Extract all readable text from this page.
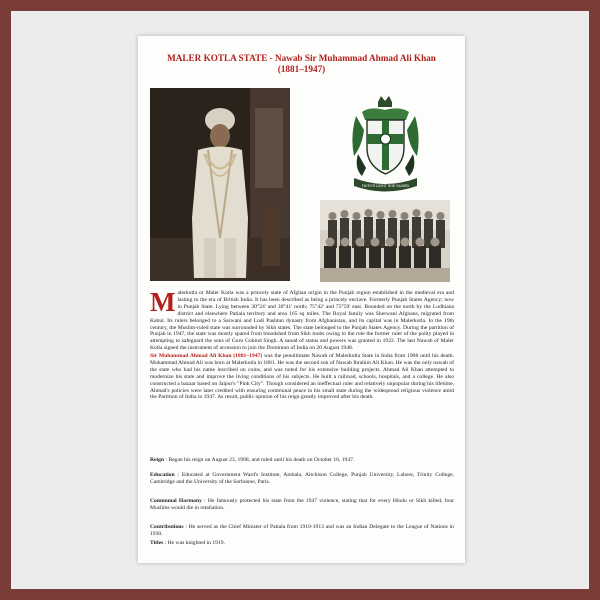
MALER KOTLA STATE - Nawab Sir Muhammad Ahmad Ali Khan
(1881–1947)
FAITH'S LIGHT SHE GUARD
Malerkotla or Maler Kotla was a princely state of Afghan origin in the Punjab region established in the medieval era and lasting to the era of British India. It has been described as being a princely enclave. Formerly Punjab States Agency; now in Punjab State. Lying between 30°24' and 30°41' north; 75°42' and 75°59' east. Bounded on the north by the Ludhiana district and elsewhere Patiala territory and area 165 sq miles. The Royal family was Sherwani Afghans, migrated from Kabul. Its rulers belonged to a Sarwani and Lodi Pashtun dynasty from Afghanistan, and its capital was in Malerkotla. In the 19th century, the Muslim-ruled state was surrounded by Sikh states. The state belonged to the Punjab States Agency. During the partition of Punjab in 1947, the state was mostly spared from bloodshed from Sikh mobs owing to the role the former ruler of the polity played in attempting to safeguard the sons of Guru Gobind Singh. A sanad of status and powers was granted in 1922. The last Nawab of Maler Kotla signed the instrument of accession to join the Dominion of India on 20 August 1948.
Sir Muhammad Ahmad Ali Khan (1881–1947) was the penultimate Nawab of Malerkotla State in India from 1908 until his death. Muhammad Ahmad Ali was born at Malerkotla in 1881. He was the second son of Nawab Ibrahim Ali Khan. He was the only nawab of the state who had his name inscribed on coins, and was noted for his extensive building projects. Ahmad Ali Khan attempted to modernize his state and improve the living conditions of his subjects. He built a railroad, schools, hospitals, and a college. He also constructed a bazaar based on Jaipur's "Pink City". Though considered an ineffectual ruler and relatively unpopular during his lifetime, Ahmad's policies were later credited with ensuring communal peace in his small state during the widespread religious violence amid the Partition of India in 1947. As result, public opinion of his reign greatly improved after his death.
Reign : Began his reign on August 23, 1908, and ruled until his death on October 16, 1947.
Education : Educated at Government Ward's Institute, Ambala, Aitchison College, Punjab University, Lahore, Trinity College, Cambridge and the University of the Sorbonne, Paris.
Communal Harmony : He famously protected his state from the 1947 violence, stating that for every Hindu or Sikh killed, four Muslims would die in retaliation.
Contributions : He served as the Chief Minister of Patiala from 1910-1913 and was an Indian Delegate to the League of Nations in 1930.
Titles : He was knighted in 1919.
